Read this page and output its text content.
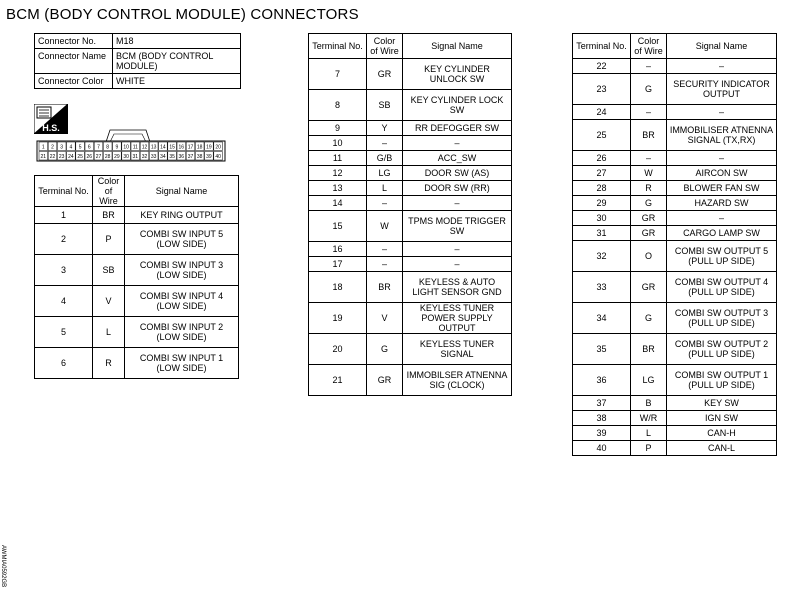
BCM (BODY CONTROL MODULE) CONNECTORS
Connector No.	M18
Connector Name	BCM (BODY CONTROL MODULE)
Connector Color	WHITE
H.S.
1 2 3 4 5 6 7 8 9 10 11 12 13 14 15 16 17 18 19 20
21 22 23 24 25 26 27 28 29 30 31 32 33 34 35 36 37 38 39 40
Terminal No.	Color of Wire	Signal Name
1	BR	KEY RING OUTPUT
2	P	COMBI SW INPUT 5 (LOW SIDE)
3	SB	COMBI SW INPUT 3 (LOW SIDE)
4	V	COMBI SW INPUT 4 (LOW SIDE)
5	L	COMBI SW INPUT 2 (LOW SIDE)
6	R	COMBI SW INPUT 1 (LOW SIDE)
Terminal No.	Color of Wire	Signal Name
7	GR	KEY CYLINDER UNLOCK SW
8	SB	KEY CYLINDER LOCK SW
9	Y	RR DEFOGGER SW
10	–	–
11	G/B	ACC_SW
12	LG	DOOR SW (AS)
13	L	DOOR SW (RR)
14	–	–
15	W	TPMS MODE TRIGGER SW
16	–	–
17	–	–
18	BR	KEYLESS & AUTO LIGHT SENSOR GND
19	V	KEYLESS TUNER POWER SUPPLY OUTPUT
20	G	KEYLESS TUNER SIGNAL
21	GR	IMMOBILSER ATNENNA SIG (CLOCK)
Terminal No.	Color of Wire	Signal Name
22	–	–
23	G	SECURITY INDICATOR OUTPUT
24	–	–
25	BR	IMMOBILISER ATNENNA SIGNAL (TX,RX)
26	–	–
27	W	AIRCON SW
28	R	BLOWER FAN SW
29	G	HAZARD SW
30	GR	–
31	GR	CARGO LAMP SW
32	O	COMBI SW OUTPUT 5 (PULL UP SIDE)
33	GR	COMBI SW OUTPUT 4 (PULL UP SIDE)
34	G	COMBI SW OUTPUT 3 (PULL UP SIDE)
35	BR	COMBI SW OUTPUT 2 (PULL UP SIDE)
36	LG	COMBI SW OUTPUT 1 (PULL UP SIDE)
37	B	KEY SW
38	W/R	IGN SW
39	L	CAN-H
40	P	CAN-L
AWMIA0592GB
